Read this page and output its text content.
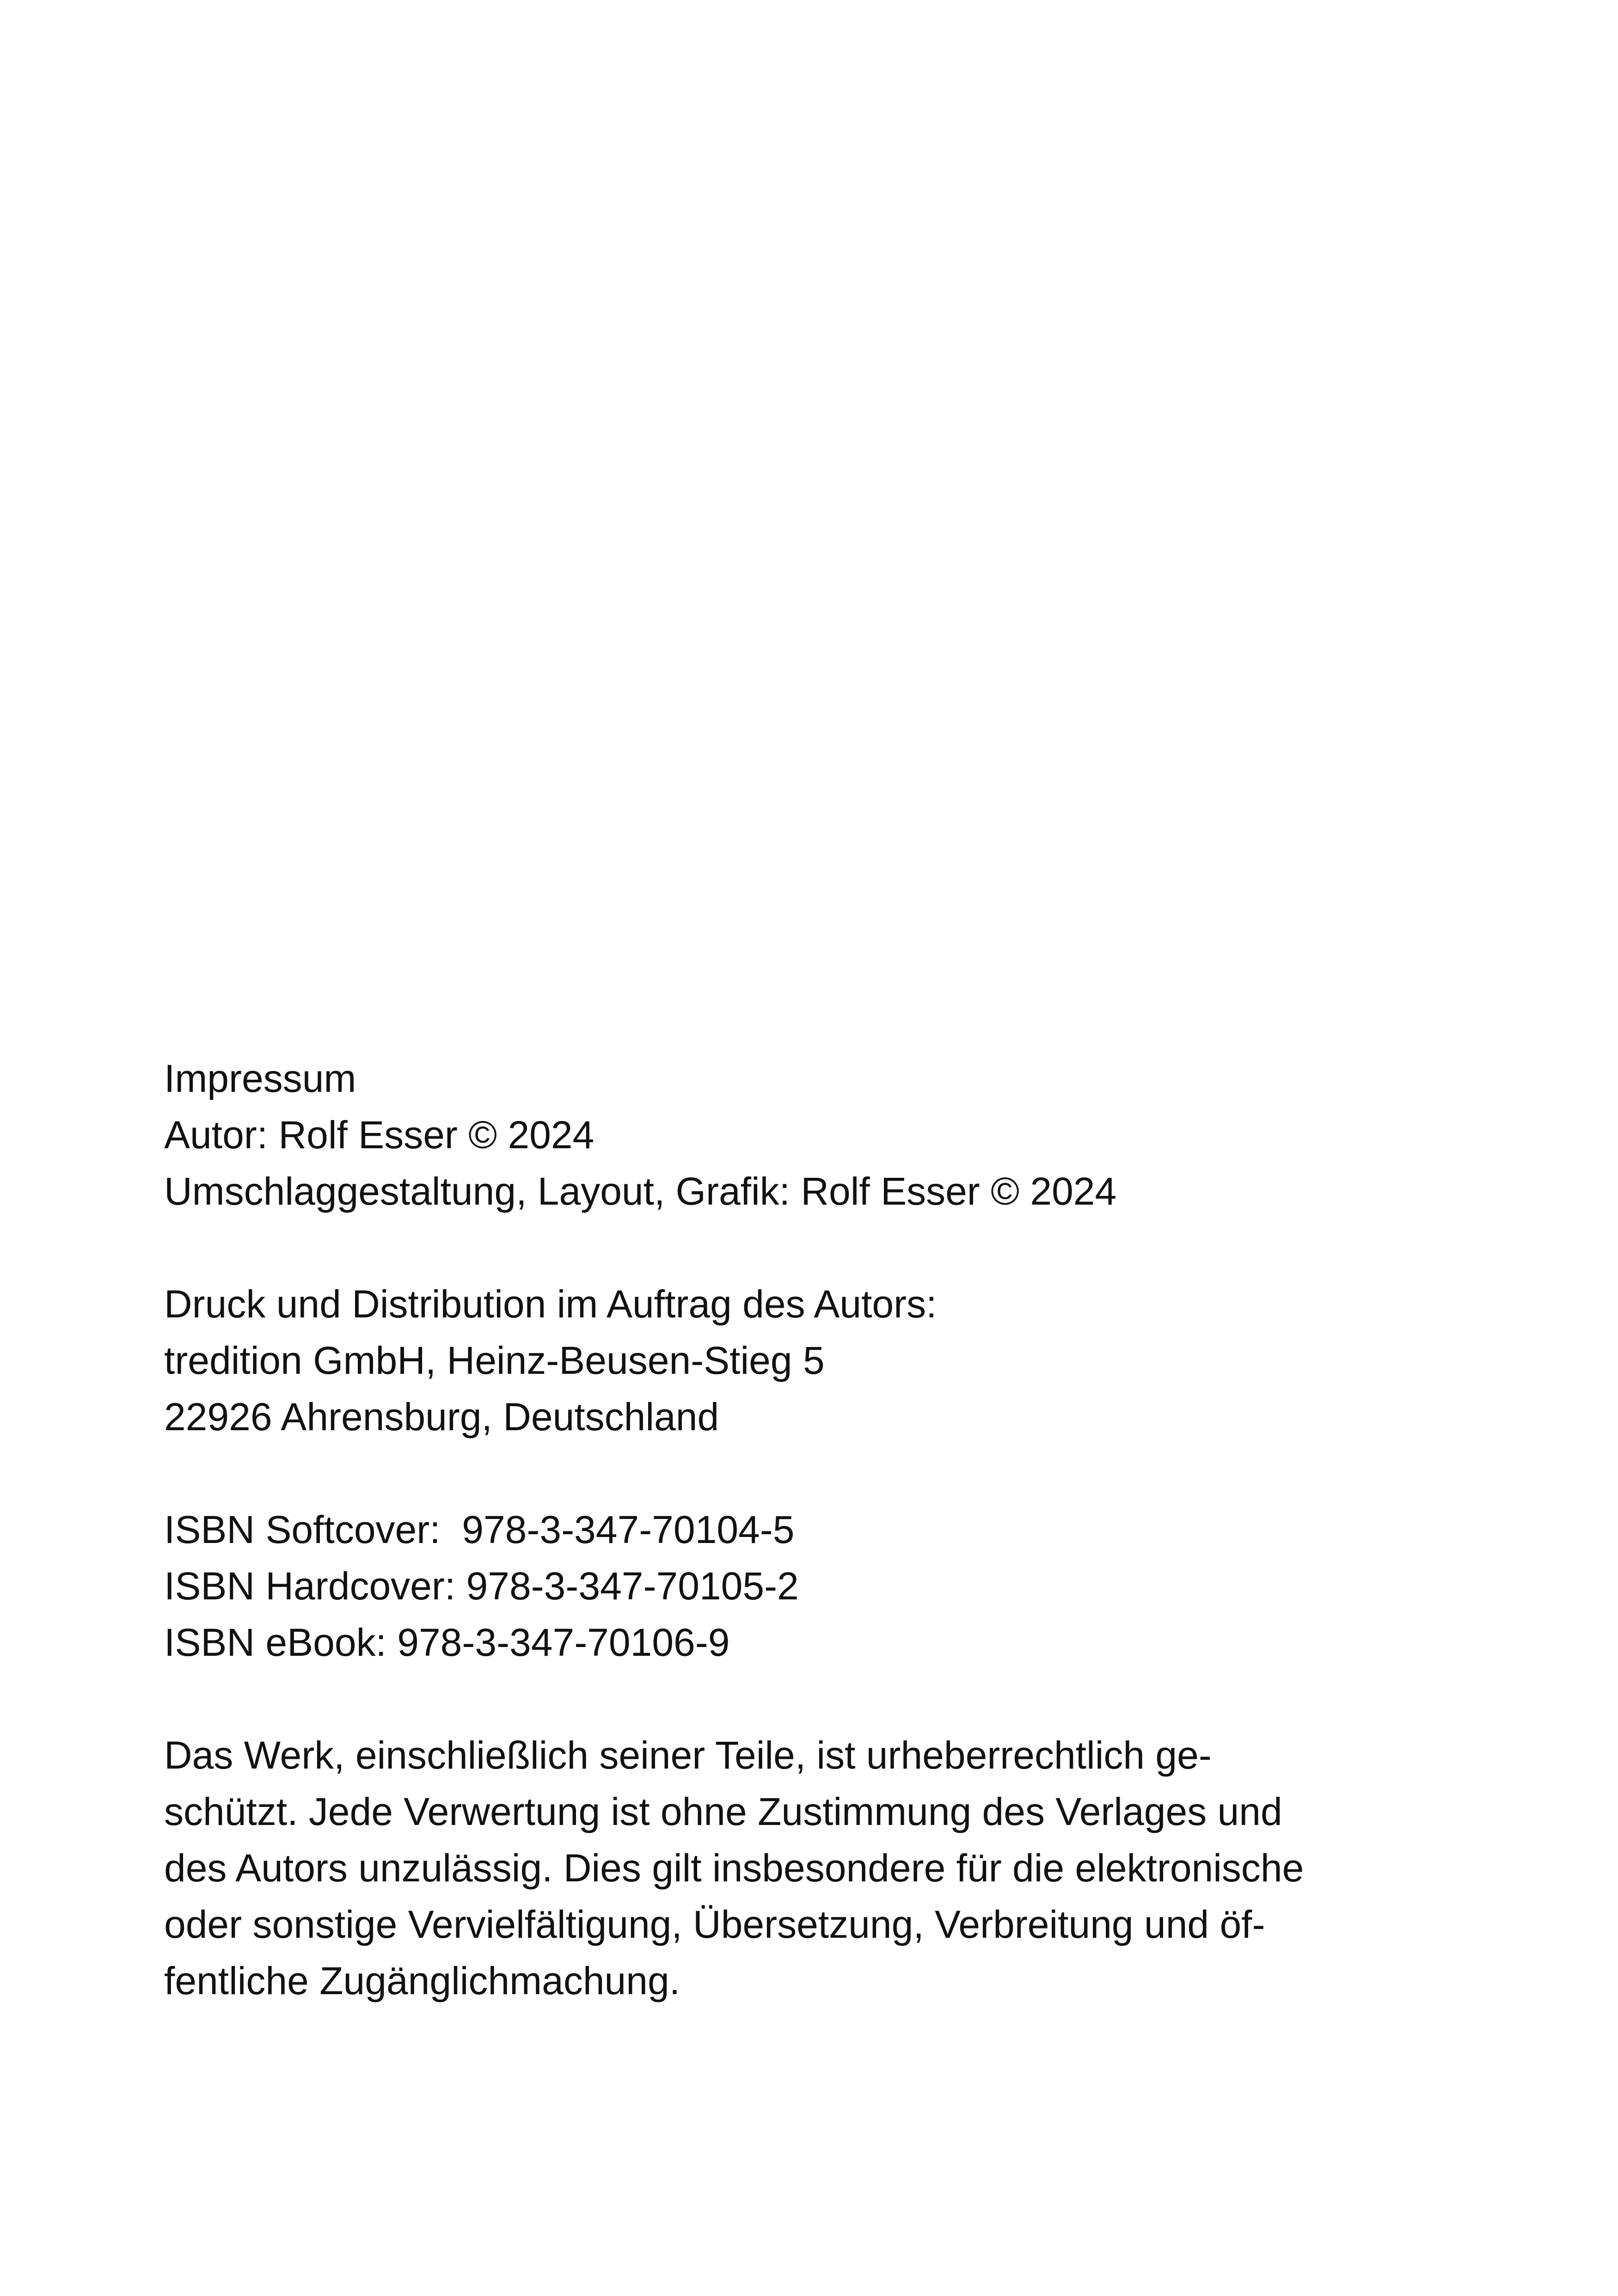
Impressum
Autor: Rolf Esser © 2024
Umschlaggestaltung, Layout, Grafik: Rolf Esser © 2024
Druck und Distribution im Auftrag des Autors:
tredition GmbH, Heinz-Beusen-Stieg 5
22926 Ahrensburg, Deutschland
ISBN Softcover:  978-3-347-70104-5
ISBN Hardcover: 978-3-347-70105-2
ISBN eBook: 978-3-347-70106-9
Das Werk, einschließlich seiner Teile, ist urheberrechtlich ge-
schützt. Jede Verwertung ist ohne Zustimmung des Verlages und
des Autors unzulässig. Dies gilt insbesondere für die elektronische
oder sonstige Vervielfältigung, Übersetzung, Verbreitung und öf-
fentliche Zugänglichmachung.
